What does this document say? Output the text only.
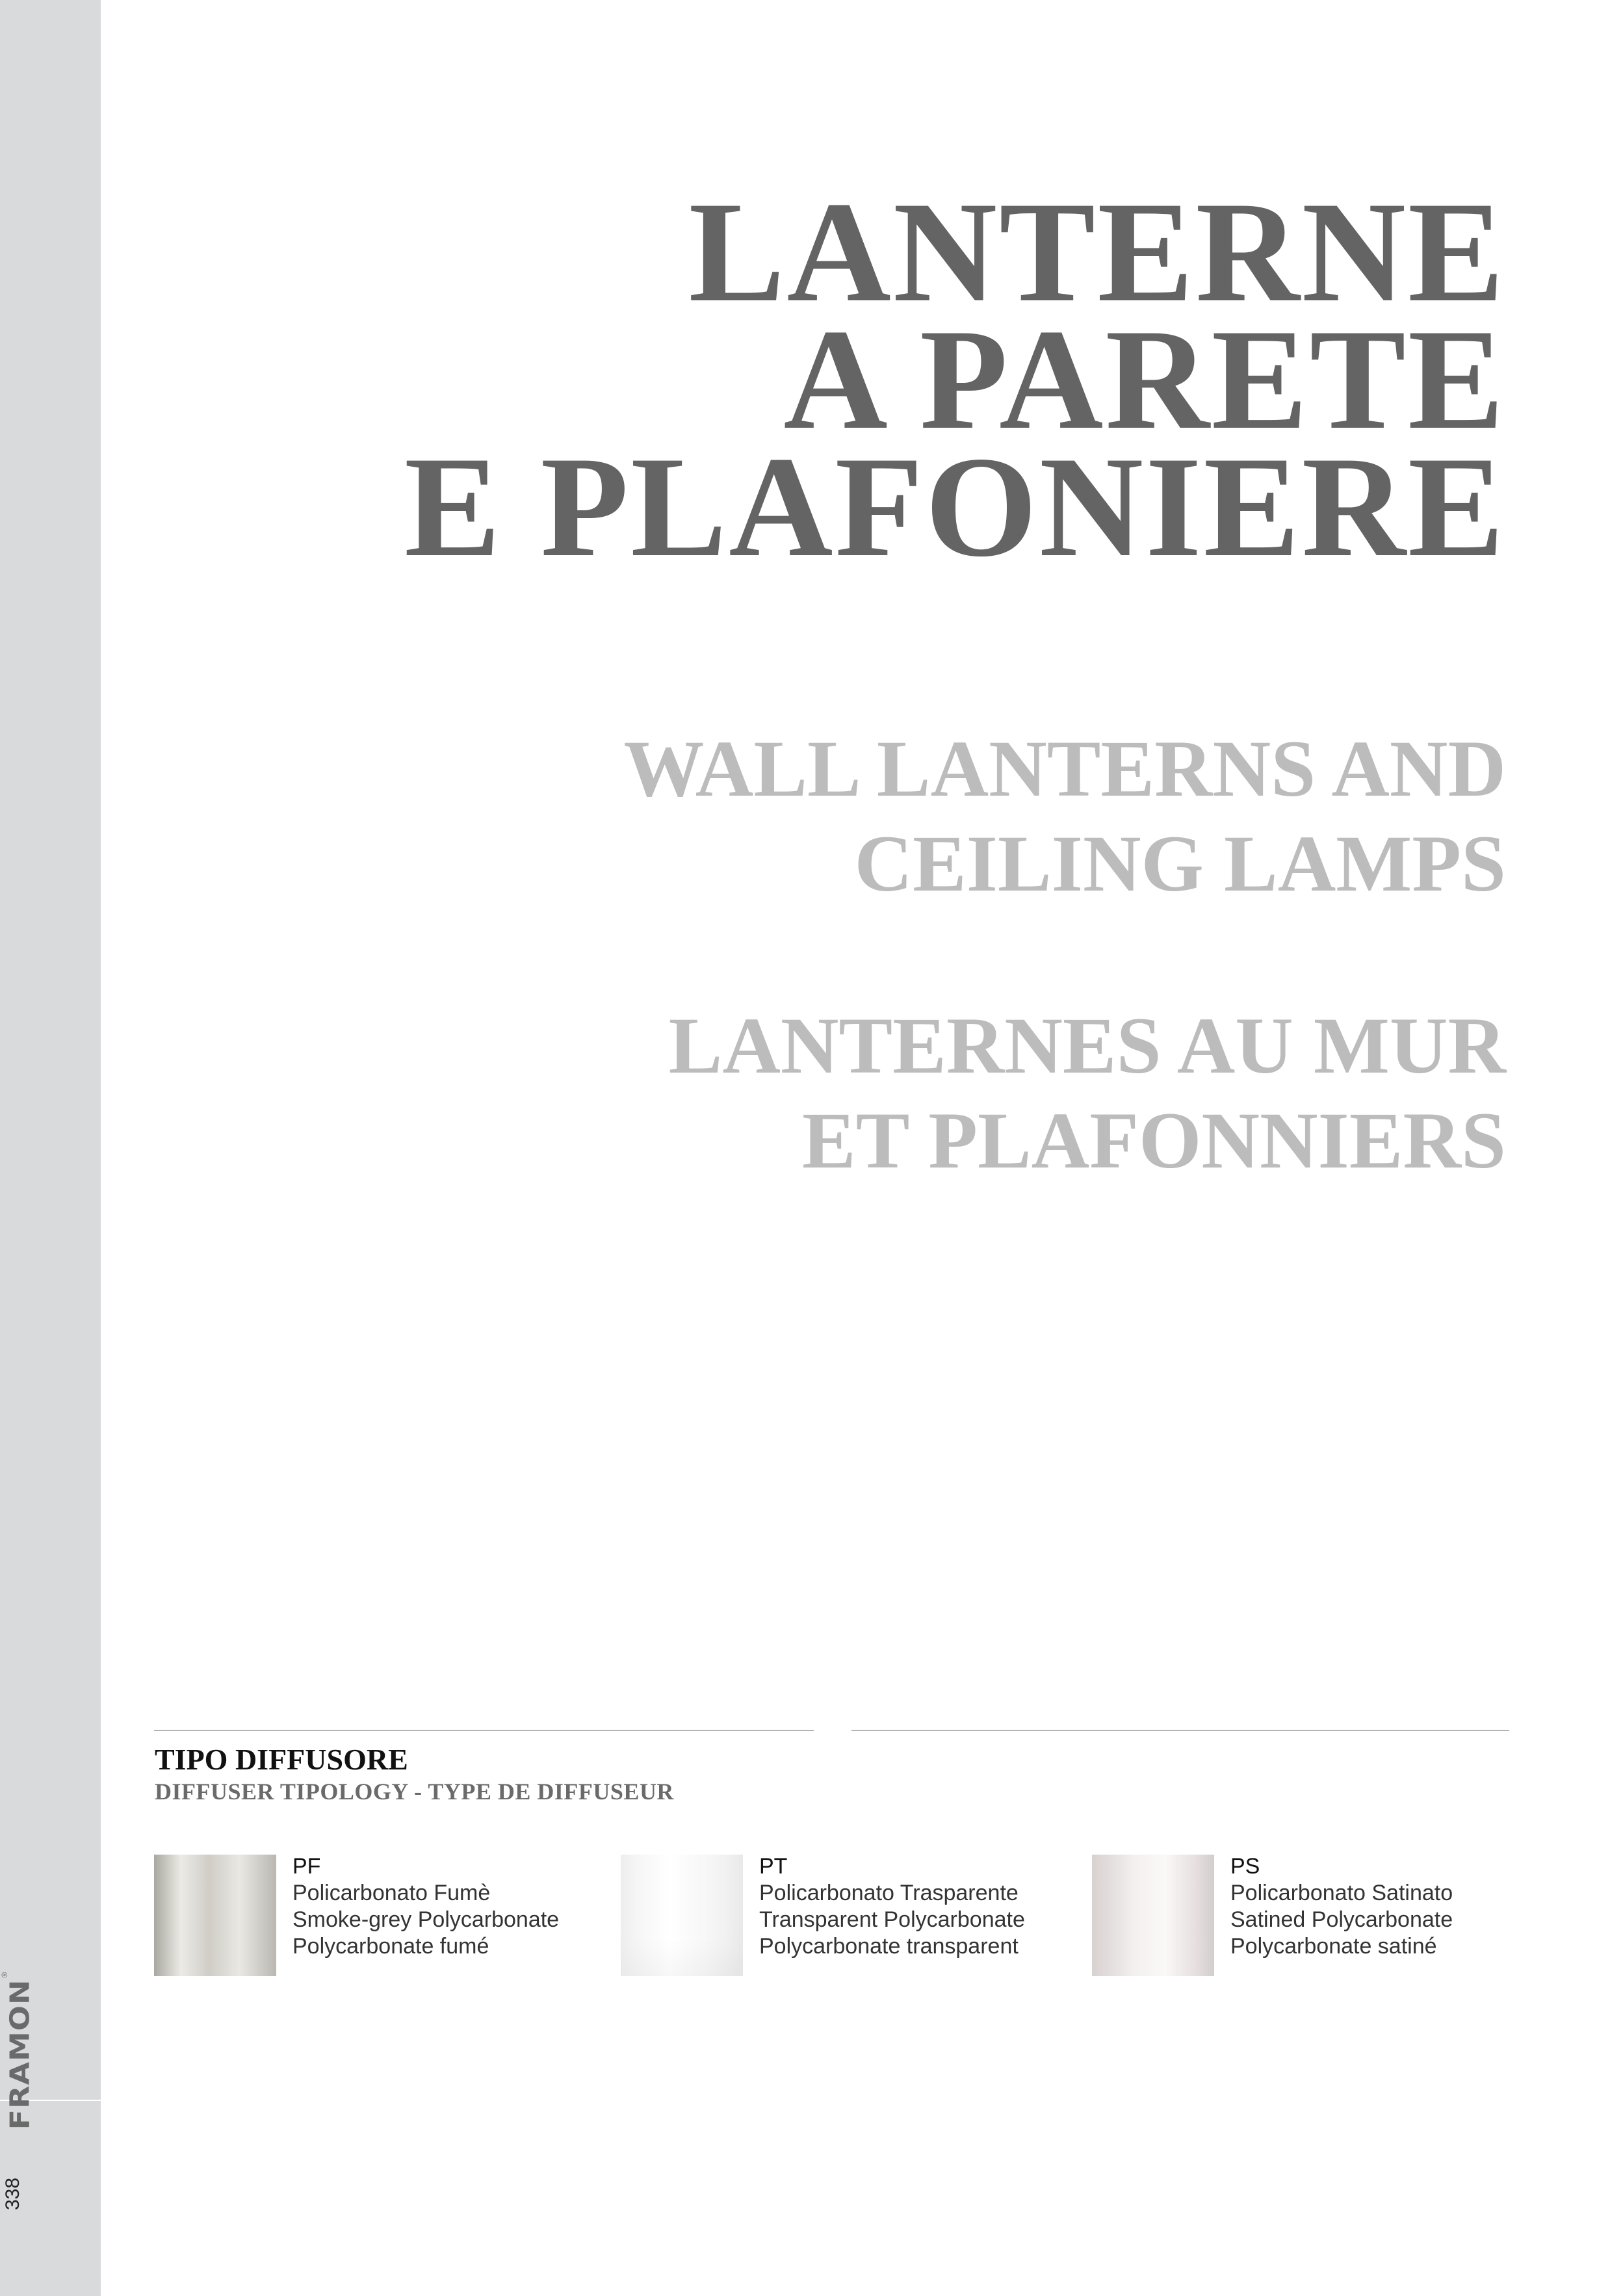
FRAMON
®
338
LANTERNE
A PARETE
E PLAFONIERE
WALL LANTERNS AND
CEILING LAMPS
LANTERNES AU MUR
ET PLAFONNIERS
TIPO DIFFUSORE
DIFFUSER TIPOLOGY - TYPE DE DIFFUSEUR
PF
Policarbonato Fumè
Smoke-grey Polycarbonate
Polycarbonate fumé
PT
Policarbonato Trasparente
Transparent Polycarbonate
Polycarbonate transparent
PS
Policarbonato Satinato
Satined Polycarbonate
Polycarbonate satiné
